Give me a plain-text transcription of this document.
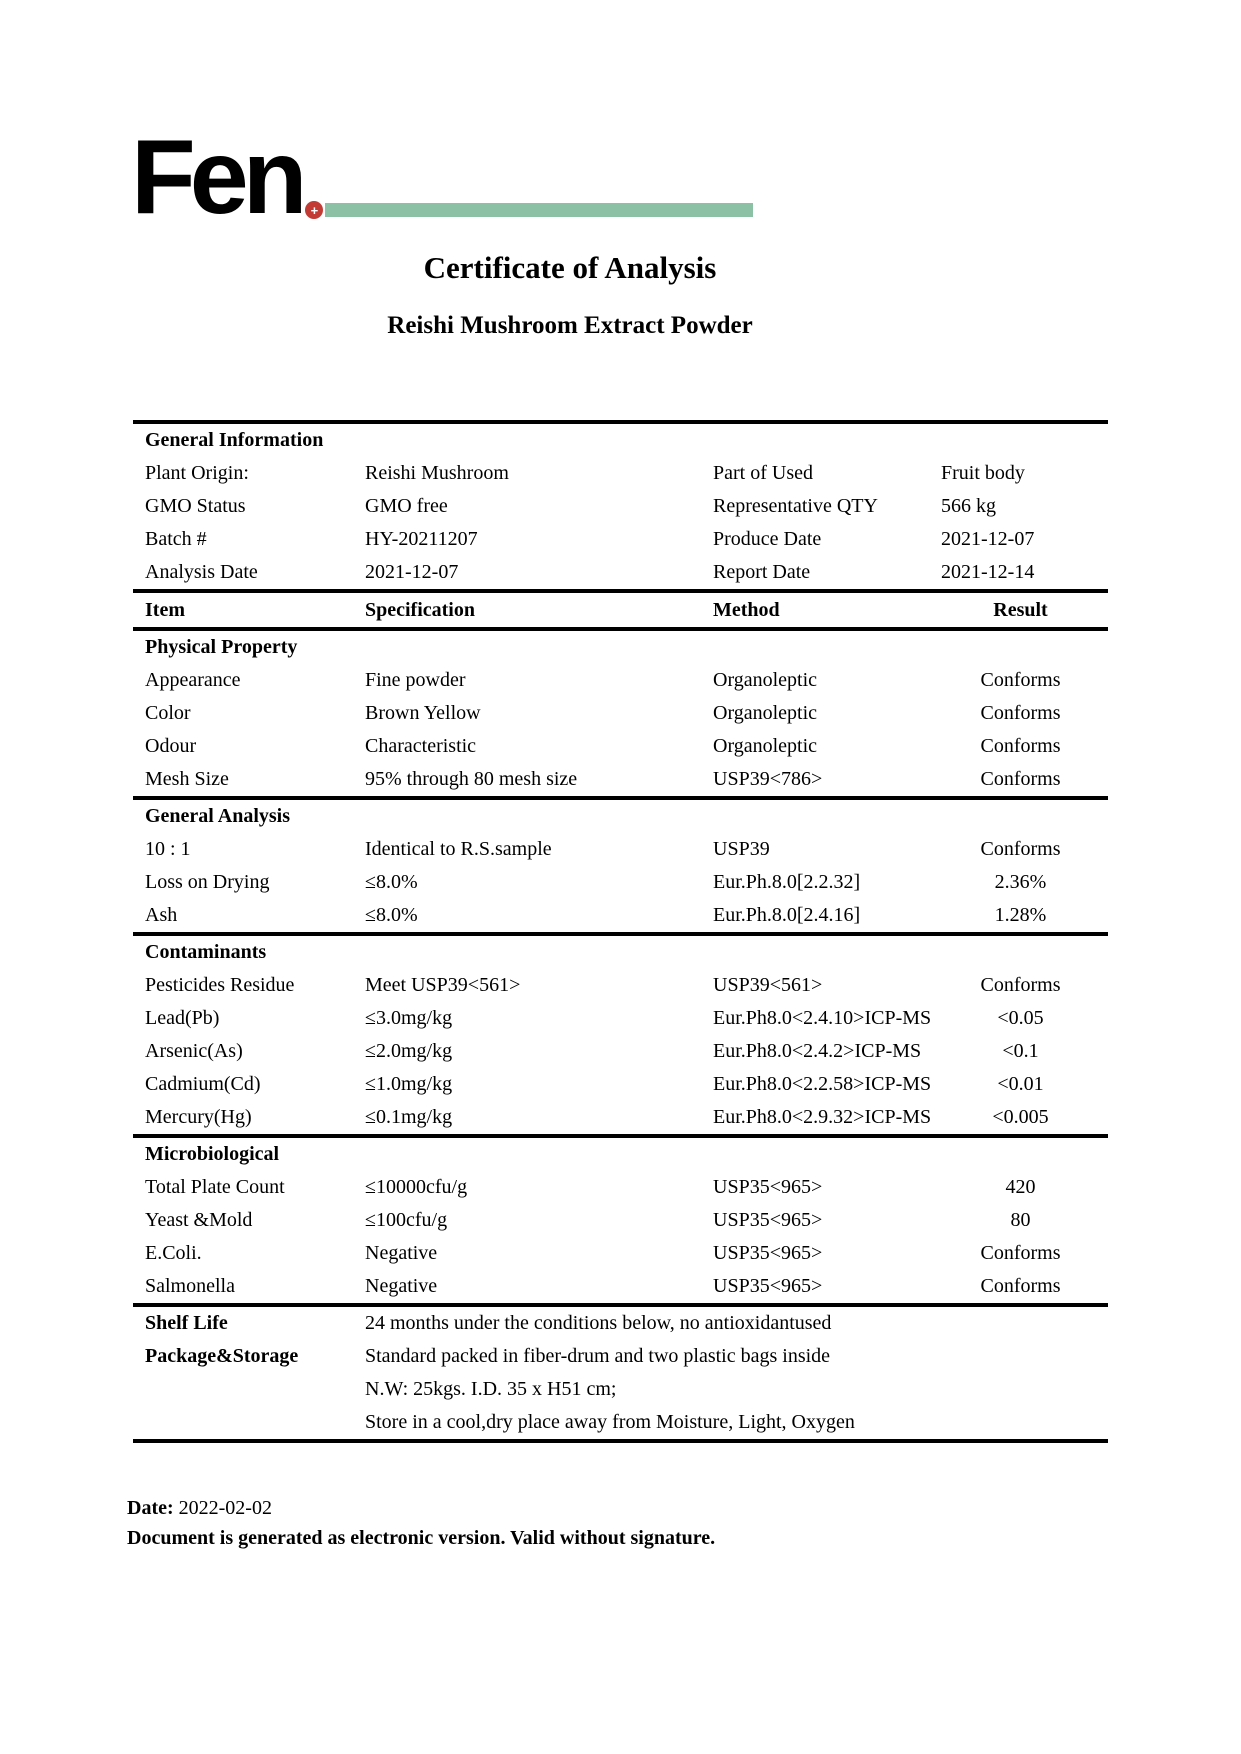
Fen +
Certificate of Analysis
Reishi Mushroom Extract Powder
General Information
Plant Origin:	Reishi Mushroom	Part of Used	Fruit body
GMO Status	GMO free	Representative QTY	566 kg
Batch #	HY-20211207	Produce Date	2021-12-07
Analysis Date	2021-12-07	Report Date	2021-12-14
Item	Specification	Method	Result
Physical Property
Appearance	Fine powder	Organoleptic	Conforms
Color	Brown Yellow	Organoleptic	Conforms
Odour	Characteristic	Organoleptic	Conforms
Mesh Size	95% through 80 mesh size	USP39<786>	Conforms
General Analysis
10 : 1	Identical to R.S.sample	USP39	Conforms
Loss on Drying	≤8.0%	Eur.Ph.8.0[2.2.32]	2.36%
Ash	≤8.0%	Eur.Ph.8.0[2.4.16]	1.28%
Contaminants
Pesticides Residue	Meet USP39<561>	USP39<561>	Conforms
Lead(Pb)	≤3.0mg/kg	Eur.Ph8.0<2.4.10>ICP-MS	<0.05
Arsenic(As)	≤2.0mg/kg	Eur.Ph8.0<2.4.2>ICP-MS	<0.1
Cadmium(Cd)	≤1.0mg/kg	Eur.Ph8.0<2.2.58>ICP-MS	<0.01
Mercury(Hg)	≤0.1mg/kg	Eur.Ph8.0<2.9.32>ICP-MS	<0.005
Microbiological
Total Plate Count	≤10000cfu/g	USP35<965>	420
Yeast &Mold	≤100cfu/g	USP35<965>	80
E.Coli.	Negative	USP35<965>	Conforms
Salmonella	Negative	USP35<965>	Conforms
Shelf Life	24 months under the conditions below, no antioxidantused
Package&Storage	Standard packed in fiber-drum and two plastic bags inside
N.W: 25kgs. I.D. 35 x H51 cm;
Store in a cool,dry place away from Moisture, Light, Oxygen
Date: 2022-02-02
Document is generated as electronic version. Valid without signature.
